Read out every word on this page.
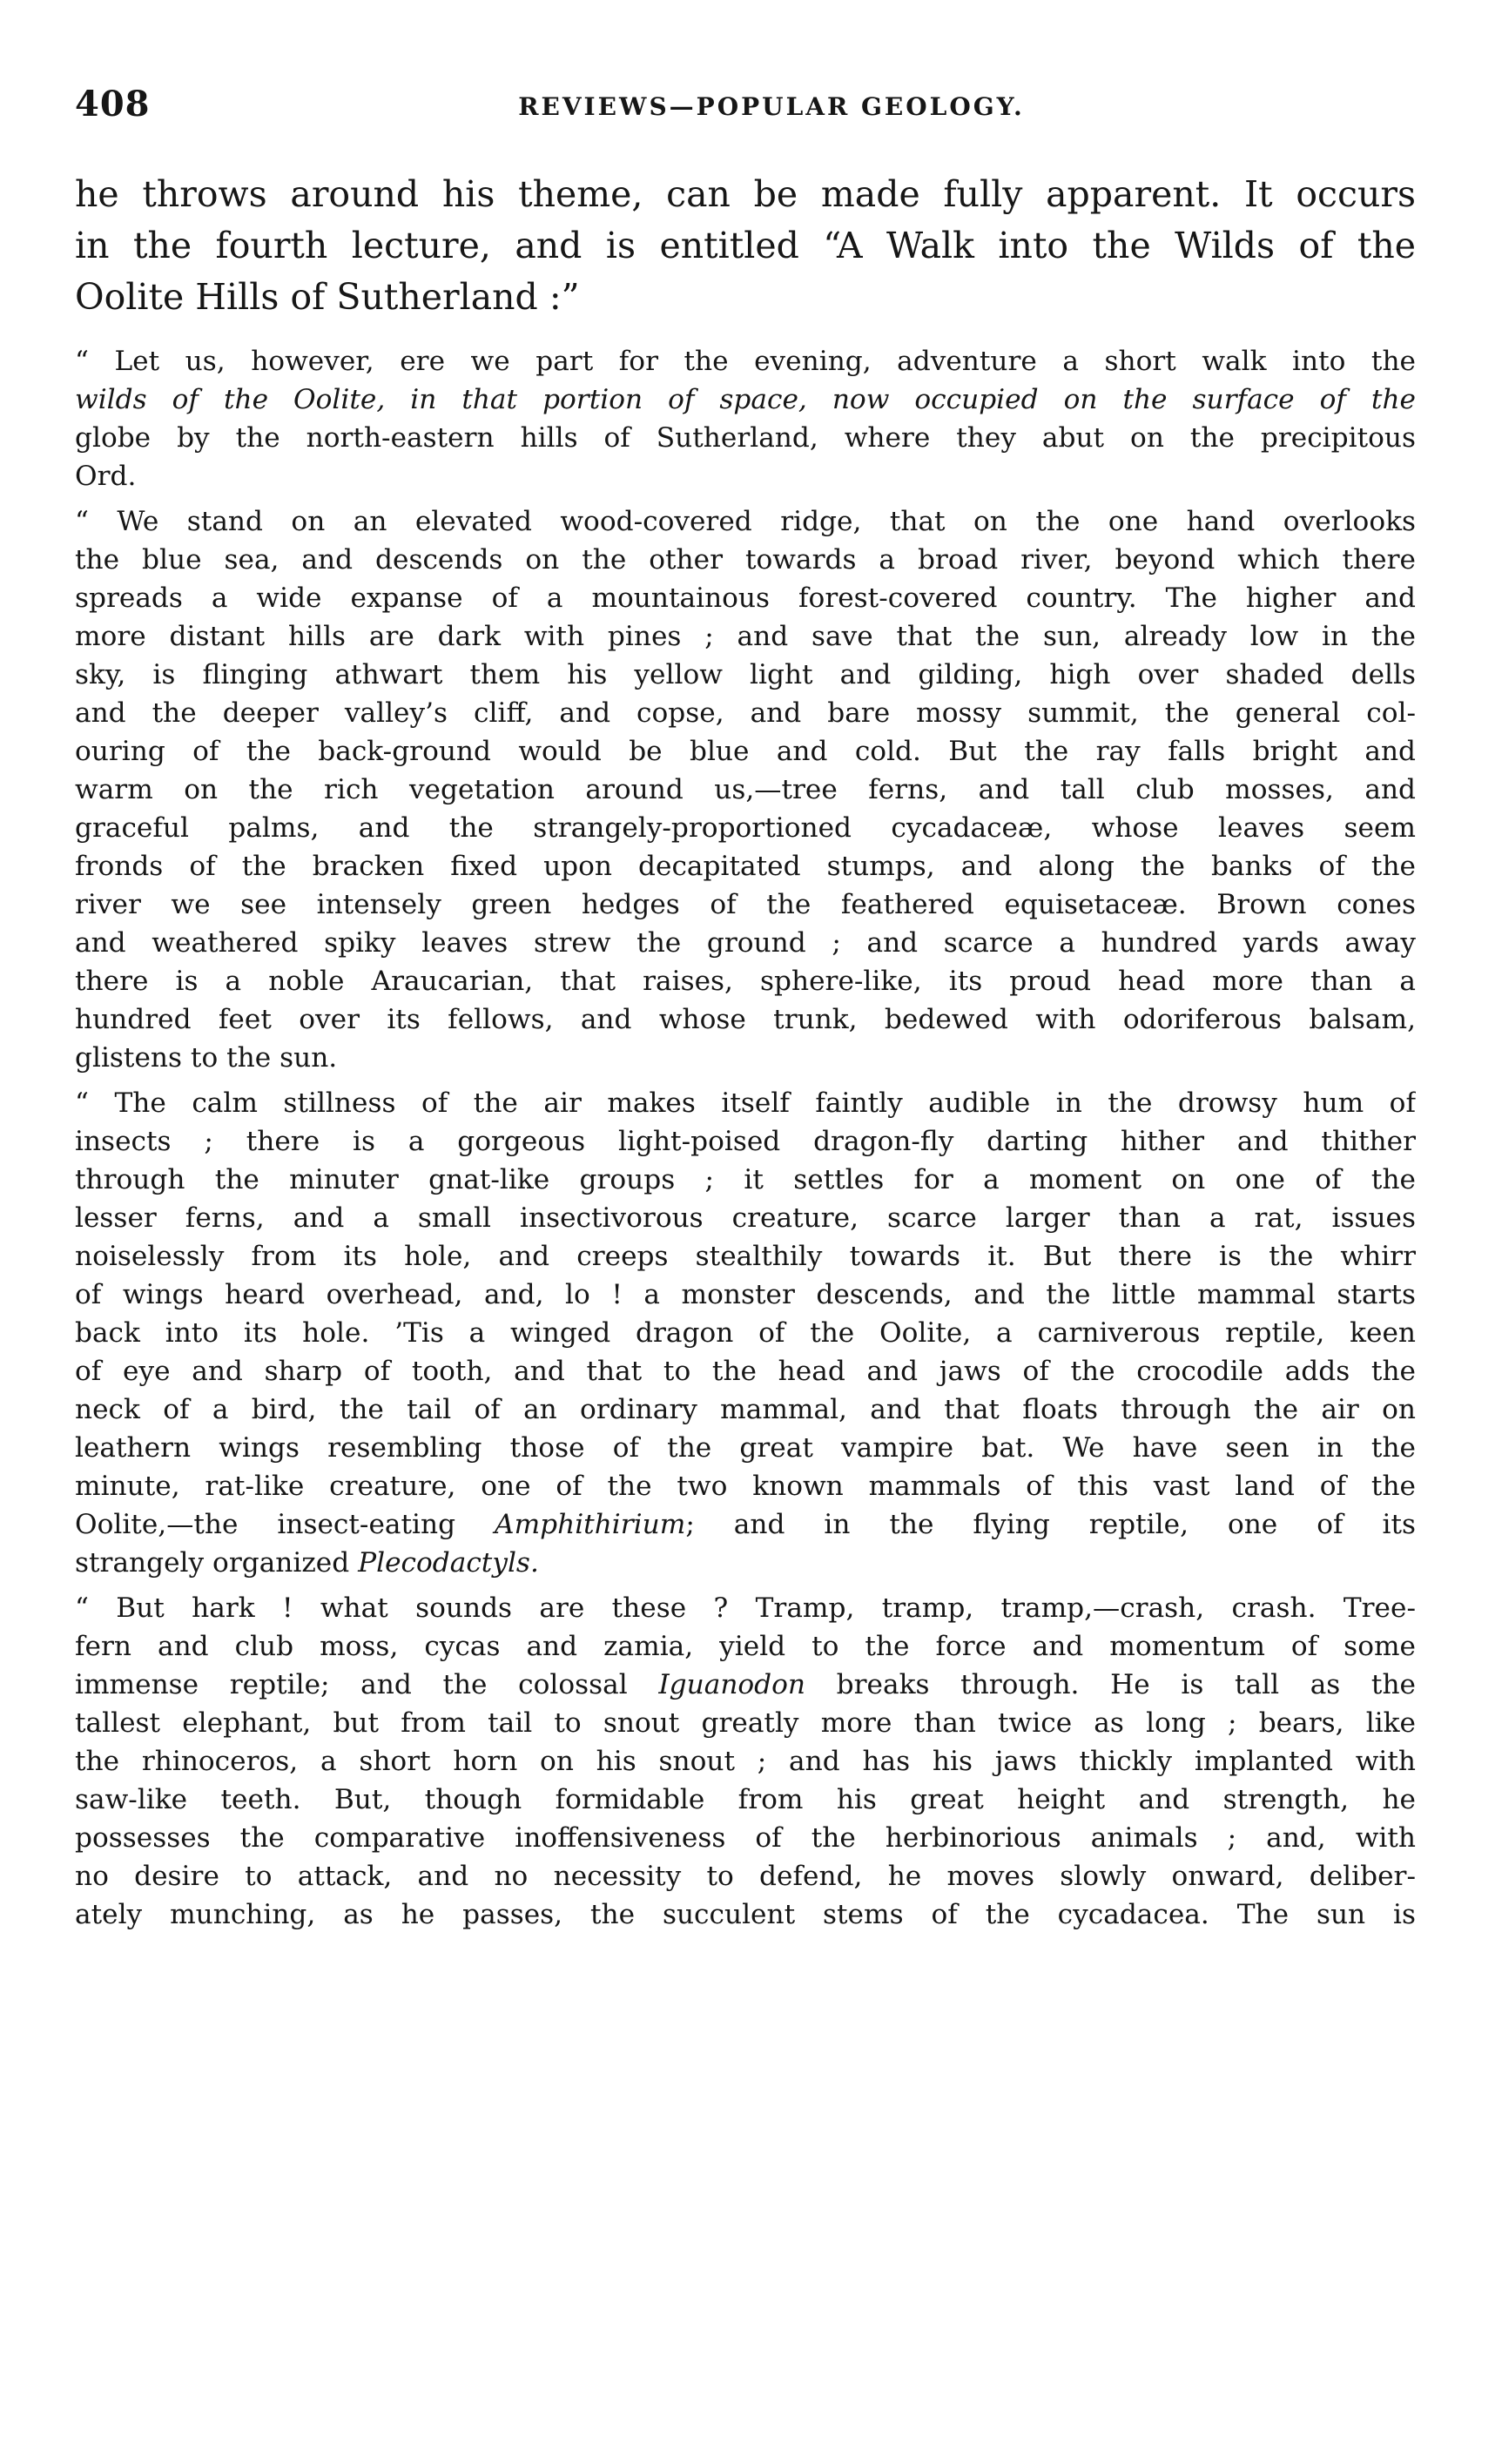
408	REVIEWS—POPULAR GEOLOGY.
he throws around his theme, can be made fully apparent. It occurs
in the fourth lecture, and is entitled “A Walk into the Wilds of the
Oolite Hills of Sutherland :”
“ Let us, however, ere we part for the evening, adventure a short walk into the
wilds of the Oolite, in that portion of space, now occupied on the surface of the
globe by the north-eastern hills of Sutherland, where they abut on the precipitous
Ord.
“ We stand on an elevated wood-covered ridge, that on the one hand overlooks
the blue sea, and descends on the other towards a broad river, beyond which there
spreads a wide expanse of a mountainous forest-covered country. The higher and
more distant hills are dark with pines ; and save that the sun, already low in the
sky, is flinging athwart them his yellow light and gilding, high over shaded dells
and the deeper valley’s cliff, and copse, and bare mossy summit, the general col-
ouring of the back-ground would be blue and cold. But the ray falls bright and
warm on the rich vegetation around us,—tree ferns, and tall club mosses, and
graceful palms, and the strangely-proportioned cycadaceæ, whose leaves seem
fronds of the bracken fixed upon decapitated stumps, and along the banks of the
river we see intensely green hedges of the feathered equisetaceæ. Brown cones
and weathered spiky leaves strew the ground ; and scarce a hundred yards away
there is a noble Araucarian, that raises, sphere-like, its proud head more than a
hundred feet over its fellows, and whose trunk, bedewed with odoriferous balsam,
glistens to the sun.
“ The calm stillness of the air makes itself faintly audible in the drowsy hum of
insects ; there is a gorgeous light-poised dragon-fly darting hither and thither
through the minuter gnat-like groups ; it settles for a moment on one of the
lesser ferns, and a small insectivorous creature, scarce larger than a rat, issues
noiselessly from its hole, and creeps stealthily towards it. But there is the whirr
of wings heard overhead, and, lo ! a monster descends, and the little mammal starts
back into its hole. ’Tis a winged dragon of the Oolite, a carniverous reptile, keen
of eye and sharp of tooth, and that to the head and jaws of the crocodile adds the
neck of a bird, the tail of an ordinary mammal, and that floats through the air on
leathern wings resembling those of the great vampire bat. We have seen in the
minute, rat-like creature, one of the two known mammals of this vast land of the
Oolite,—the insect-eating Amphithirium; and in the flying reptile, one of its
strangely organized Plecodactyls.
“ But hark ! what sounds are these ? Tramp, tramp, tramp,—crash, crash. Tree-
fern and club moss, cycas and zamia, yield to the force and momentum of some
immense reptile; and the colossal Iguanodon breaks through. He is tall as the
tallest elephant, but from tail to snout greatly more than twice as long ; bears, like
the rhinoceros, a short horn on his snout ; and has his jaws thickly implanted with
saw-like teeth. But, though formidable from his great height and strength, he
possesses the comparative inoffensiveness of the herbinorious animals ; and, with
no desire to attack, and no necessity to defend, he moves slowly onward, deliber-
ately munching, as he passes, the succulent stems of the cycadacea. The sun is
